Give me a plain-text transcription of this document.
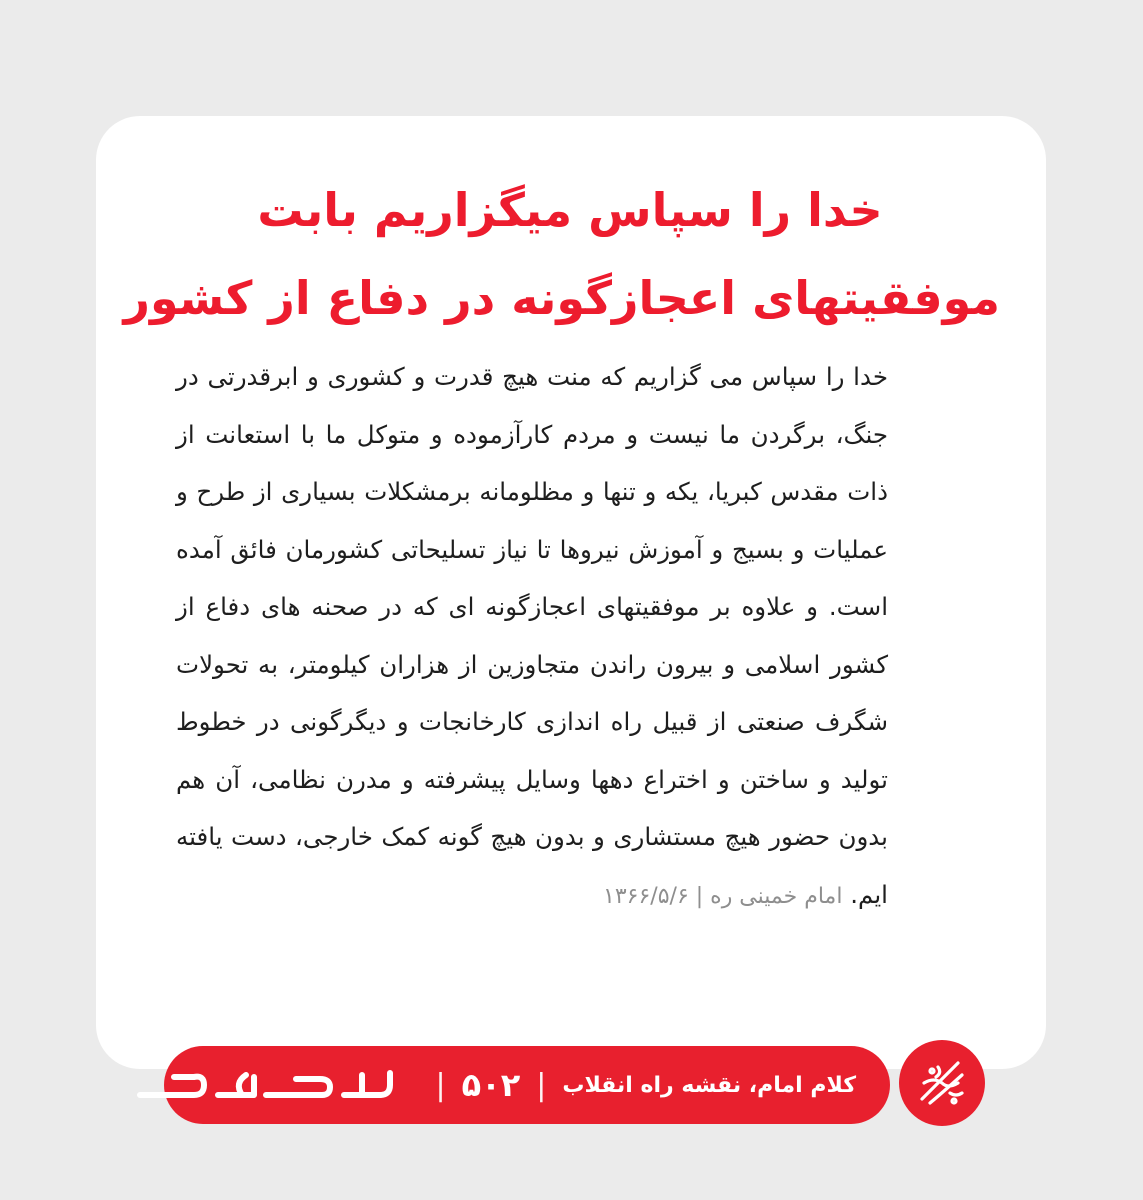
خدا را سپاس میگزاریم بابت
موفقیتهای اعجازگونه در دفاع از کشور
خدا را سپاس می گزاریم که منت هیچ قدرت و کشوری و ابرقدرتی در جنگ، برگردن ما نیست و مردم کارآزموده و متوکل ما با استعانت از ذات مقدس کبریا، یکه و تنها و مظلومانه برمشکلات بسیاری از طرح و عملیات و بسیج و آموزش نیروها تا نیاز تسلیحاتی کشورمان فائق آمده است. و علاوه بر موفقیتهای اعجازگونه ای که در صحنه های دفاع از کشور اسلامی و بیرون راندن متجاوزین از هزاران کیلومتر، به تحولات شگرف صنعتی از قبیل راه اندازی کارخانجات و دیگرگونی در خطوط تولید و ساختن و اختراع دهها وسایل پیشرفته و مدرن نظامی، آن هم بدون حضور هیچ مستشاری و بدون هیچ گونه کمک خارجی، دست یافته ایم. امام خمینی ره | ۱۳۶۶/۵/۶
کلام امام، نقشه راه انقلاب
|
۵۰۲
|
